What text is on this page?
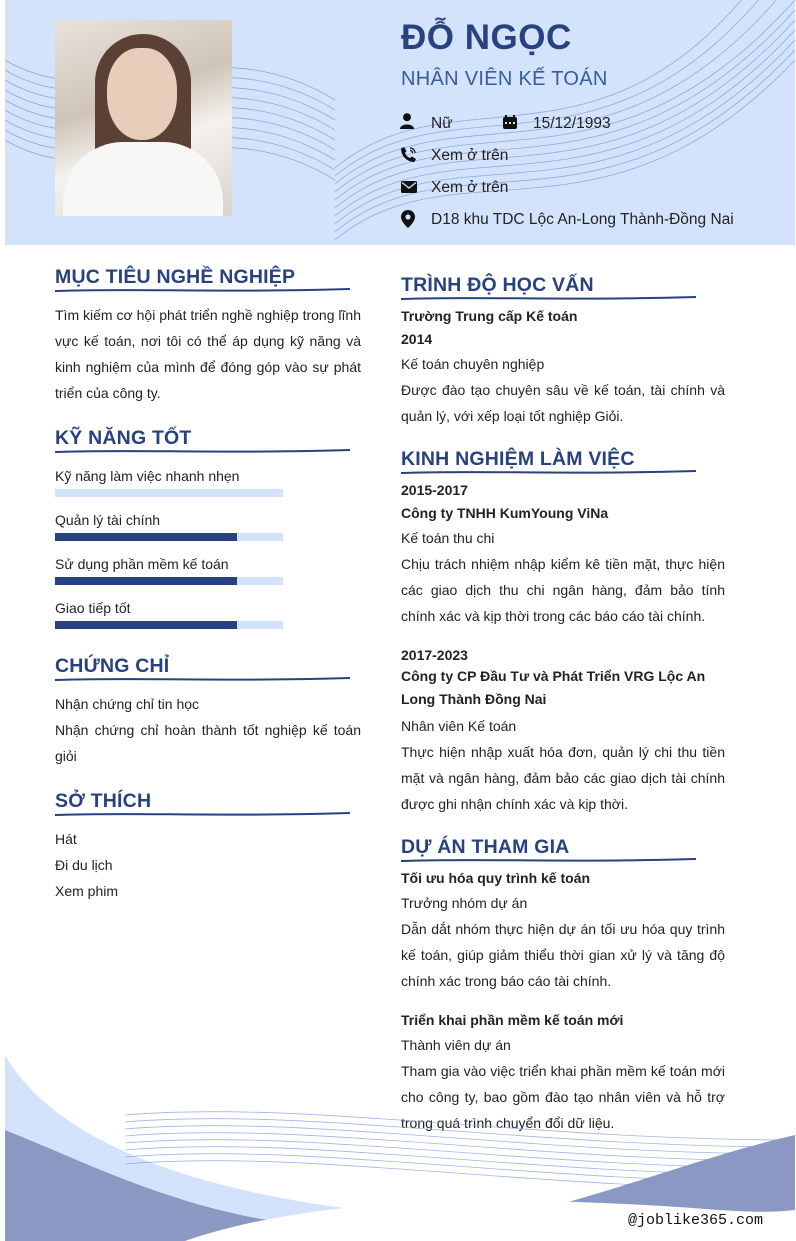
ĐỖ NGỌC
NHÂN VIÊN KẾ TOÁN
Nữ	15/12/1993
Xem ở trên
Xem ở trên
D18 khu TDC Lộc An-Long Thành-Đồng Nai
MỤC TIÊU NGHỀ NGHIỆP
Tìm kiếm cơ hội phát triển nghề nghiệp trong lĩnh vực kế toán, nơi tôi có thể áp dụng kỹ năng và kinh nghiệm của mình để đóng góp vào sự phát triển của công ty.
KỸ NĂNG TỐT
Kỹ năng làm việc nhanh nhẹn
Quản lý tài chính
Sử dụng phần mềm kế toán
Giao tiếp tốt
CHỨNG CHỈ
Nhận chứng chỉ tin học
Nhận chứng chỉ hoàn thành tốt nghiệp kế toán giỏi
SỞ THÍCH
Hát
Đi du lịch
Xem phim
TRÌNH ĐỘ HỌC VẤN
Trường Trung cấp Kế toán
2014
Kế toán chuyên nghiệp
Được đào tạo chuyên sâu về kế toán, tài chính và quản lý, với xếp loại tốt nghiệp Giỏi.
KINH NGHIỆM LÀM VIỆC
2015-2017
Công ty TNHH KumYoung ViNa
Kế toán thu chi
Chịu trách nhiệm nhập kiểm kê tiền mặt, thực hiện các giao dịch thu chi ngân hàng, đảm bảo tính chính xác và kịp thời trong các báo cáo tài chính.
2017-2023
Công ty CP Đầu Tư và Phát Triển VRG Lộc An Long Thành Đồng Nai
Nhân viên Kế toán
Thực hiện nhập xuất hóa đơn, quản lý chi thu tiền mặt và ngân hàng, đảm bảo các giao dịch tài chính được ghi nhận chính xác và kịp thời.
DỰ ÁN THAM GIA
Tối ưu hóa quy trình kế toán
Trưởng nhóm dự án
Dẫn dắt nhóm thực hiện dự án tối ưu hóa quy trình kế toán, giúp giảm thiểu thời gian xử lý và tăng độ chính xác trong báo cáo tài chính.
Triển khai phần mềm kế toán mới
Thành viên dự án
Tham gia vào việc triển khai phần mềm kế toán mới cho công ty, bao gồm đào tạo nhân viên và hỗ trợ trong quá trình chuyển đổi dữ liệu.
@joblike365.com
